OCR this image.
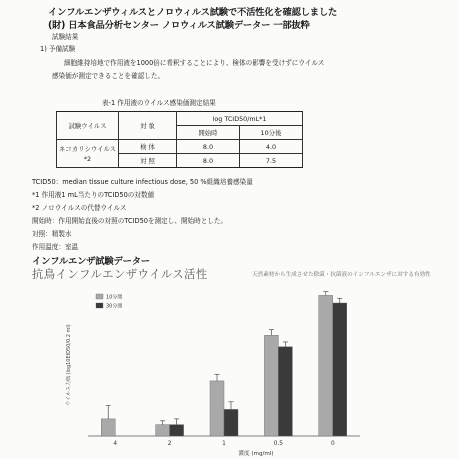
インフルエンザウィルスとノロウィルス試験で不活性化を確認しました
(財) 日本食品分析センター ノロウィルス試験データー 一部抜粋
試験結果
1) 予備試験
細胞維持培地で作用液を1000倍に希釈することにより、検体の影響を受けずにウイルス
感染価が測定できることを確認した。
表-1 作用液のウイルス感染価測定結果
試験ウイルス	対 象	log TCID50/mL*1	
		開始時	10分後
ネコカリシウイルス*2	検 体	8.0	4.0
	対 照	8.0	7.5
TCID50：median tissue culture infectious dose, 50 %組織培養感染量
*1 作用液1 mL当たりのTCID50の対数値
*2 ノロウイルスの代替ウイルス
開始時：作用開始直後の対照のTCID50を測定し、開始時とした。
対照：精製水
作用温度：室温
インフルエンザ試験データー
抗鳥インフルエンザウイルス活性	天然素材から生成させた除菌・抗菌液のインフルエンザに対する有効性
4	2	1	0.5	0
10分間
30分間
ウイルス力価 (log10EID50/0.2 ml)
濃度 (mg/ml)
